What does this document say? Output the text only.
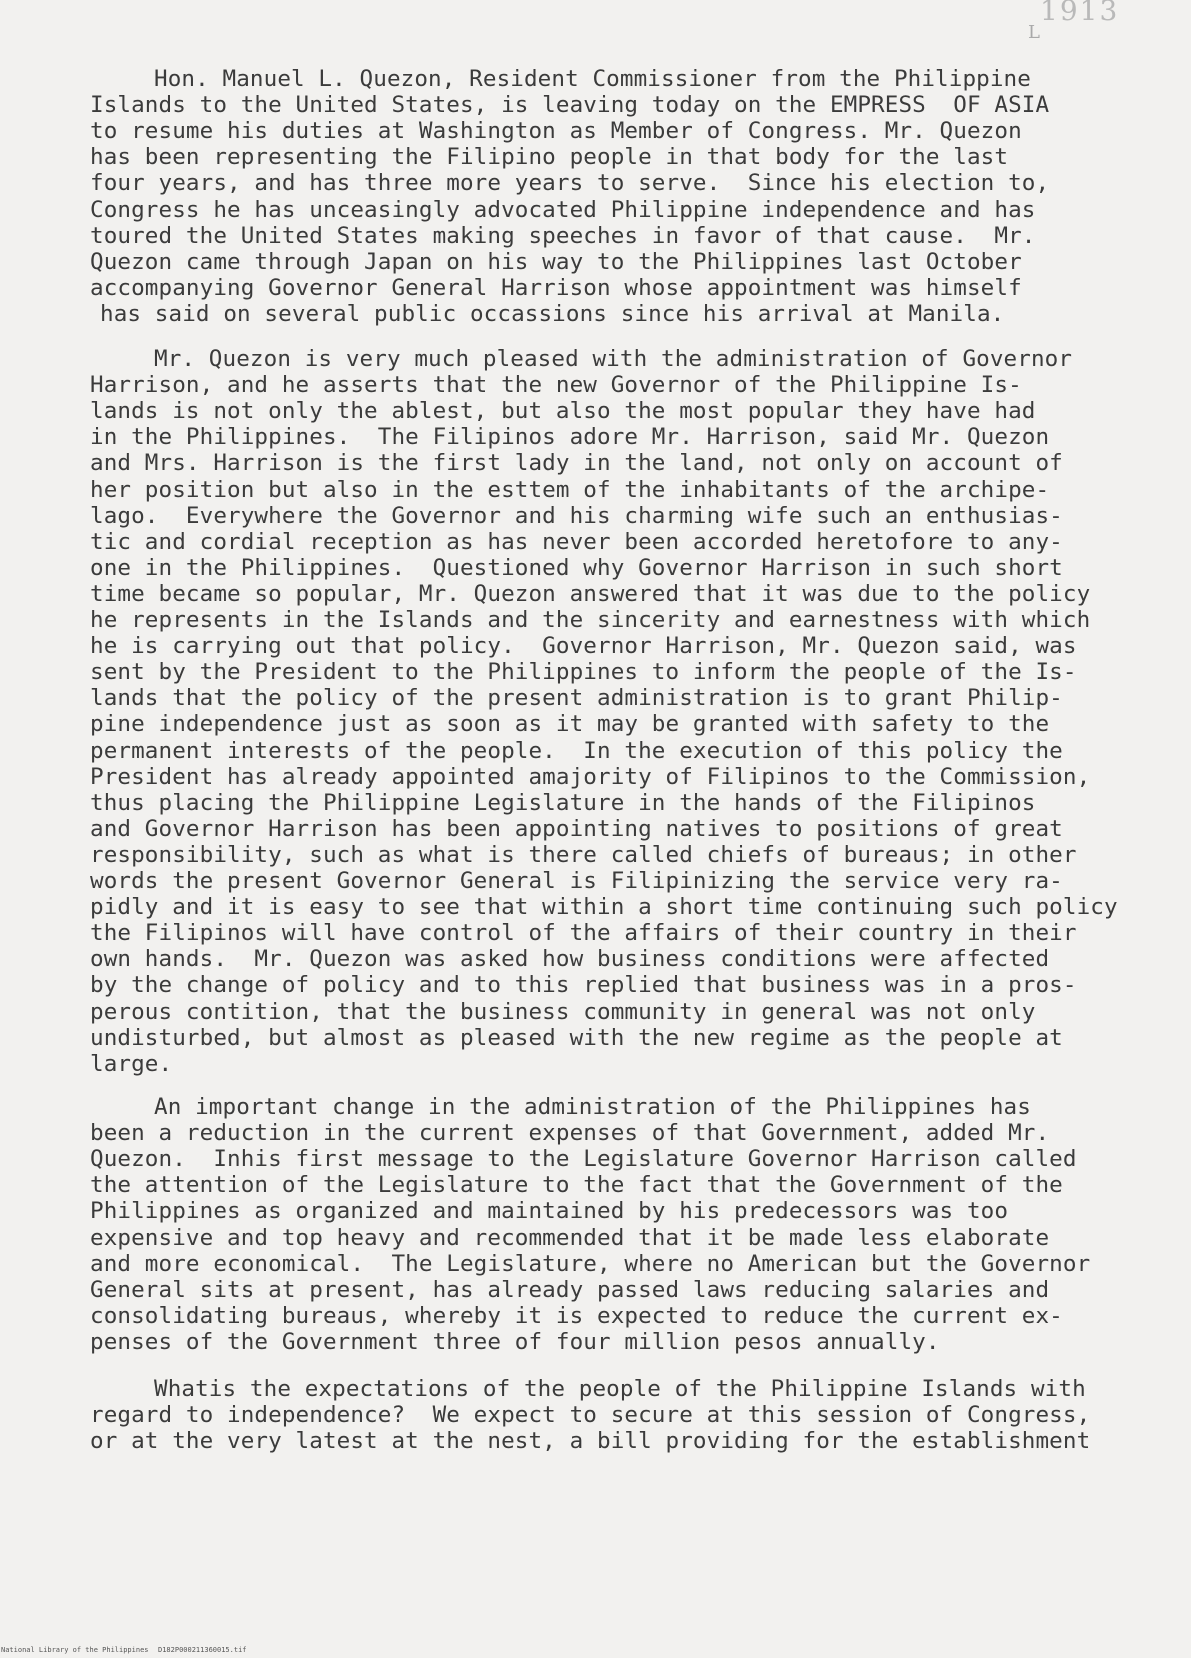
1913
L
Hon. Manuel L. Quezon, Resident Commissioner from the Philippine
Islands to the United States, is leaving today on the EMPRESS  OF ASIA
to resume his duties at Washington as Member of Congress. Mr. Quezon
has been representing the Filipino people in that body for the last
four years, and has three more years to serve.  Since his election to,
Congress he has unceasingly advocated Philippine independence and has
toured the United States making speeches in favor of that cause.  Mr.
Quezon came through Japan on his way to the Philippines last October
accompanying Governor General Harrison whose appointment was himself
has said on several public occassions since his arrival at Manila.
Mr. Quezon is very much pleased with the administration of Governor
Harrison, and he asserts that the new Governor of the Philippine Is-
lands is not only the ablest, but also the most popular they have had
in the Philippines.  The Filipinos adore Mr. Harrison, said Mr. Quezon
and Mrs. Harrison is the first lady in the land, not only on account of
her position but also in the esttem of the inhabitants of the archipe-
lago.  Everywhere the Governor and his charming wife such an enthusias-
tic and cordial reception as has never been accorded heretofore to any-
one in the Philippines.  Questioned why Governor Harrison in such short
time became so popular, Mr. Quezon answered that it was due to the policy
he represents in the Islands and the sincerity and earnestness with which
he is carrying out that policy.  Governor Harrison, Mr. Quezon said, was
sent by the President to the Philippines to inform the people of the Is-
lands that the policy of the present administration is to grant Philip-
pine independence just as soon as it may be granted with safety to the
permanent interests of the people.  In the execution of this policy the
President has already appointed amajority of Filipinos to the Commission,
thus placing the Philippine Legislature in the hands of the Filipinos
and Governor Harrison has been appointing natives to positions of great
responsibility, such as what is there called chiefs of bureaus; in other
words the present Governor General is Filipinizing the service very ra-
pidly and it is easy to see that within a short time continuing such policy
the Filipinos will have control of the affairs of their country in their
own hands.  Mr. Quezon was asked how business conditions were affected
by the change of policy and to this replied that business was in a pros-
perous contition, that the business community in general was not only
undisturbed, but almost as pleased with the new regime as the people at
large.
An important change in the administration of the Philippines has
been a reduction in the current expenses of that Government, added Mr.
Quezon.  Inhis first message to the Legislature Governor Harrison called
the attention of the Legislature to the fact that the Government of the
Philippines as organized and maintained by his predecessors was too
expensive and top heavy and recommended that it be made less elaborate
and more economical.  The Legislature, where no American but the Governor
General sits at present, has already passed laws reducing salaries and
consolidating bureaus, whereby it is expected to reduce the current ex-
penses of the Government three of four million pesos annually.
Whatis the expectations of the people of the Philippine Islands with
regard to independence?  We expect to secure at this session of Congress,
or at the very latest at the nest, a bill providing for the establishment
National Library of the Philippines D182P000211360015.tif
